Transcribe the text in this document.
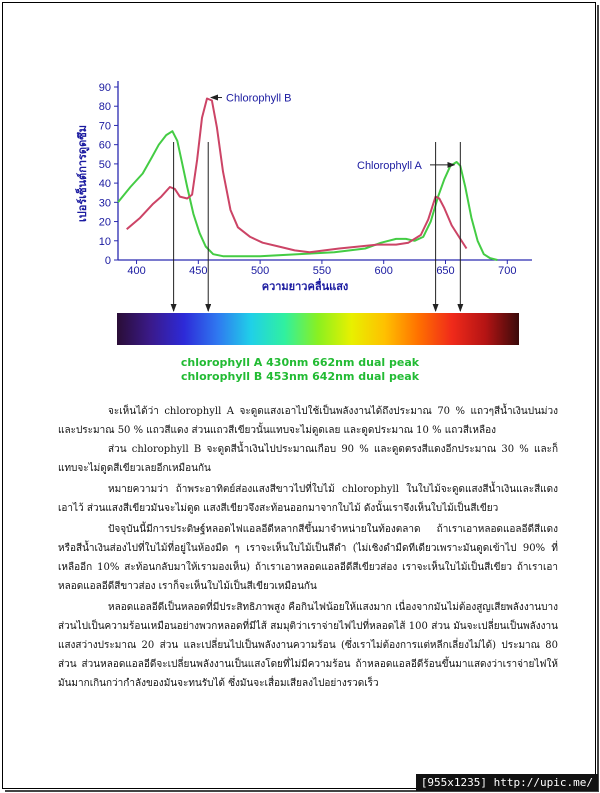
0
10
20
30
40
50
60
70
80
90
400	450	500	550	600	650	700
ความยาวคลื่นแสง
เปอร์เซ็นต์การดูดซึม
Chlorophyll B
Chlorophyll A
chlorophyll A 430nm 662nm dual peak
chlorophyll B 453nm 642nm dual peak

จะเห็นได้ว่า chlorophyll A จะดูดแสงเอาไปใช้เป็นพลังงานได้ถึงประมาณ 70 % แถวๆสีน้ำเงินปนม่วง และประมาณ 50 % แถวสีแดง ส่วนแถวสีเขียวนั้นแทบจะไม่ดูดเลย และดูดประมาณ 10 % แถวสีเหลือง

ส่วน chlorophyll B จะดูดสีน้ำเงินไปประมาณเกือบ 90 % และดูดตรงสีแดงอีกประมาณ 30 % และก็แทบจะไม่ดูดสีเขียวเลยอีกเหมือนกัน

หมายความว่า ถ้าพระอาทิตย์ส่องแสงสีขาวไปที่ใบไม้ chlorophyll ในใบไม้จะดูดแสงสีน้ำเงินและสีแดงเอาไว้ ส่วนแสงสีเขียวมันจะไม่ดูด แสงสีเขียวจึงสะท้อนออกมาจากใบไม้ ดังนั้นเราจึงเห็นใบไม้เป็นสีเขียว

ปัจจุบันนี้มีการประดิษฐ์หลอดไฟแอลอีดีหลากสีขึ้นมาจำหน่ายในท้องตลาด ถ้าเราเอาหลอดแอลอีดีสีแดงหรือสีน้ำเงินส่องไปที่ใบไม้ที่อยู่ในห้องมืด ๆ เราจะเห็นใบไม้เป็นสีดำ (ไม่เชิงดำมืดทีเดียวเพราะมันดูดเข้าไป 90% ที่เหลืออีก 10% สะท้อนกลับมาให้เรามองเห็น) ถ้าเราเอาหลอดแอลอีดีสีเขียวส่อง เราจะเห็นใบไม้เป็นสีเขียว ถ้าเราเอาหลอดแอลอีดีสีขาวส่อง เราก็จะเห็นใบไม้เป็นสีเขียวเหมือนกัน

หลอดแอลอีดีเป็นหลอดที่มีประสิทธิภาพสูง คือกินไฟน้อยให้แสงมาก เนื่องจากมันไม่ต้องสูญเสียพลังงานบางส่วนไปเป็นความร้อนเหมือนอย่างพวกหลอดที่มีไส้ สมมุติว่าเราจ่ายไฟไปที่หลอดไส้ 100 ส่วน มันจะเปลี่ยนเป็นพลังงานแสงสว่างประมาณ 20 ส่วน และเปลี่ยนไปเป็นพลังงานความร้อน (ซึ่งเราไม่ต้องการแต่หลีกเลี่ยงไม่ได้) ประมาณ 80 ส่วน ส่วนหลอดแอลอีดีจะเปลี่ยนพลังงานเป็นแสงโดยที่ไม่มีความร้อน ถ้าหลอดแอลอีดีร้อนขึ้นมาแสดงว่าเราจ่ายไฟให้มันมากเกินกว่ากำลังของมันจะทนรับได้ ซึ่งมันจะเสื่อมเสียลงไปอย่างรวดเร็ว

[955x1235] http://upic.me/
